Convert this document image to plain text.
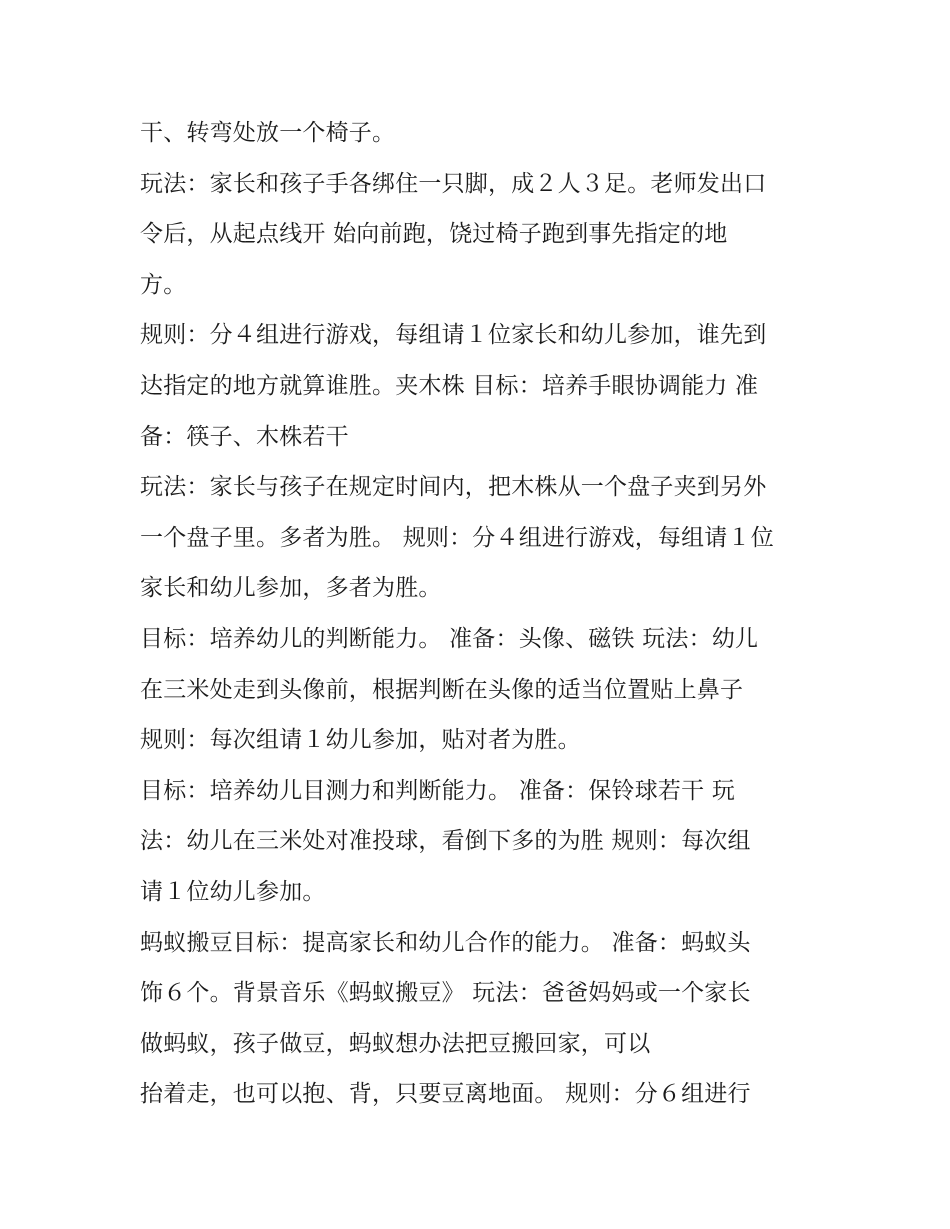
干、转弯处放一个椅子。
玩法：家长和孩子手各绑住一只脚，成２人３足。老师发出口
令后，从起点线开 始向前跑，饶过椅子跑到事先指定的地
方。
规则：分４组进行游戏，每组请１位家长和幼儿参加，谁先到
达指定的地方就算谁胜。夹木株 目标：培养手眼协调能力 准
备：筷子、木株若干
玩法：家长与孩子在规定时间内，把木株从一个盘子夹到另外
一个盘子里。多者为胜。 规则：分４组进行游戏，每组请１位
家长和幼儿参加，多者为胜。
目标：培养幼儿的判断能力。 准备：头像、磁铁 玩法：幼儿
在三米处走到头像前，根据判断在头像的适当位置贴上鼻子
规则：每次组请１幼儿参加，贴对者为胜。
目标：培养幼儿目测力和判断能力。 准备：保铃球若干 玩
法：幼儿在三米处对准投球，看倒下多的为胜 规则：每次组
请１位幼儿参加。
蚂蚁搬豆目标：提高家长和幼儿合作的能力。 准备：蚂蚁头
饰６个。背景音乐《蚂蚁搬豆》 玩法：爸爸妈妈或一个家长
做蚂蚁，孩子做豆，蚂蚁想办法把豆搬回家，可以
抬着走，也可以抱、背，只要豆离地面。 规则：分６组进行
